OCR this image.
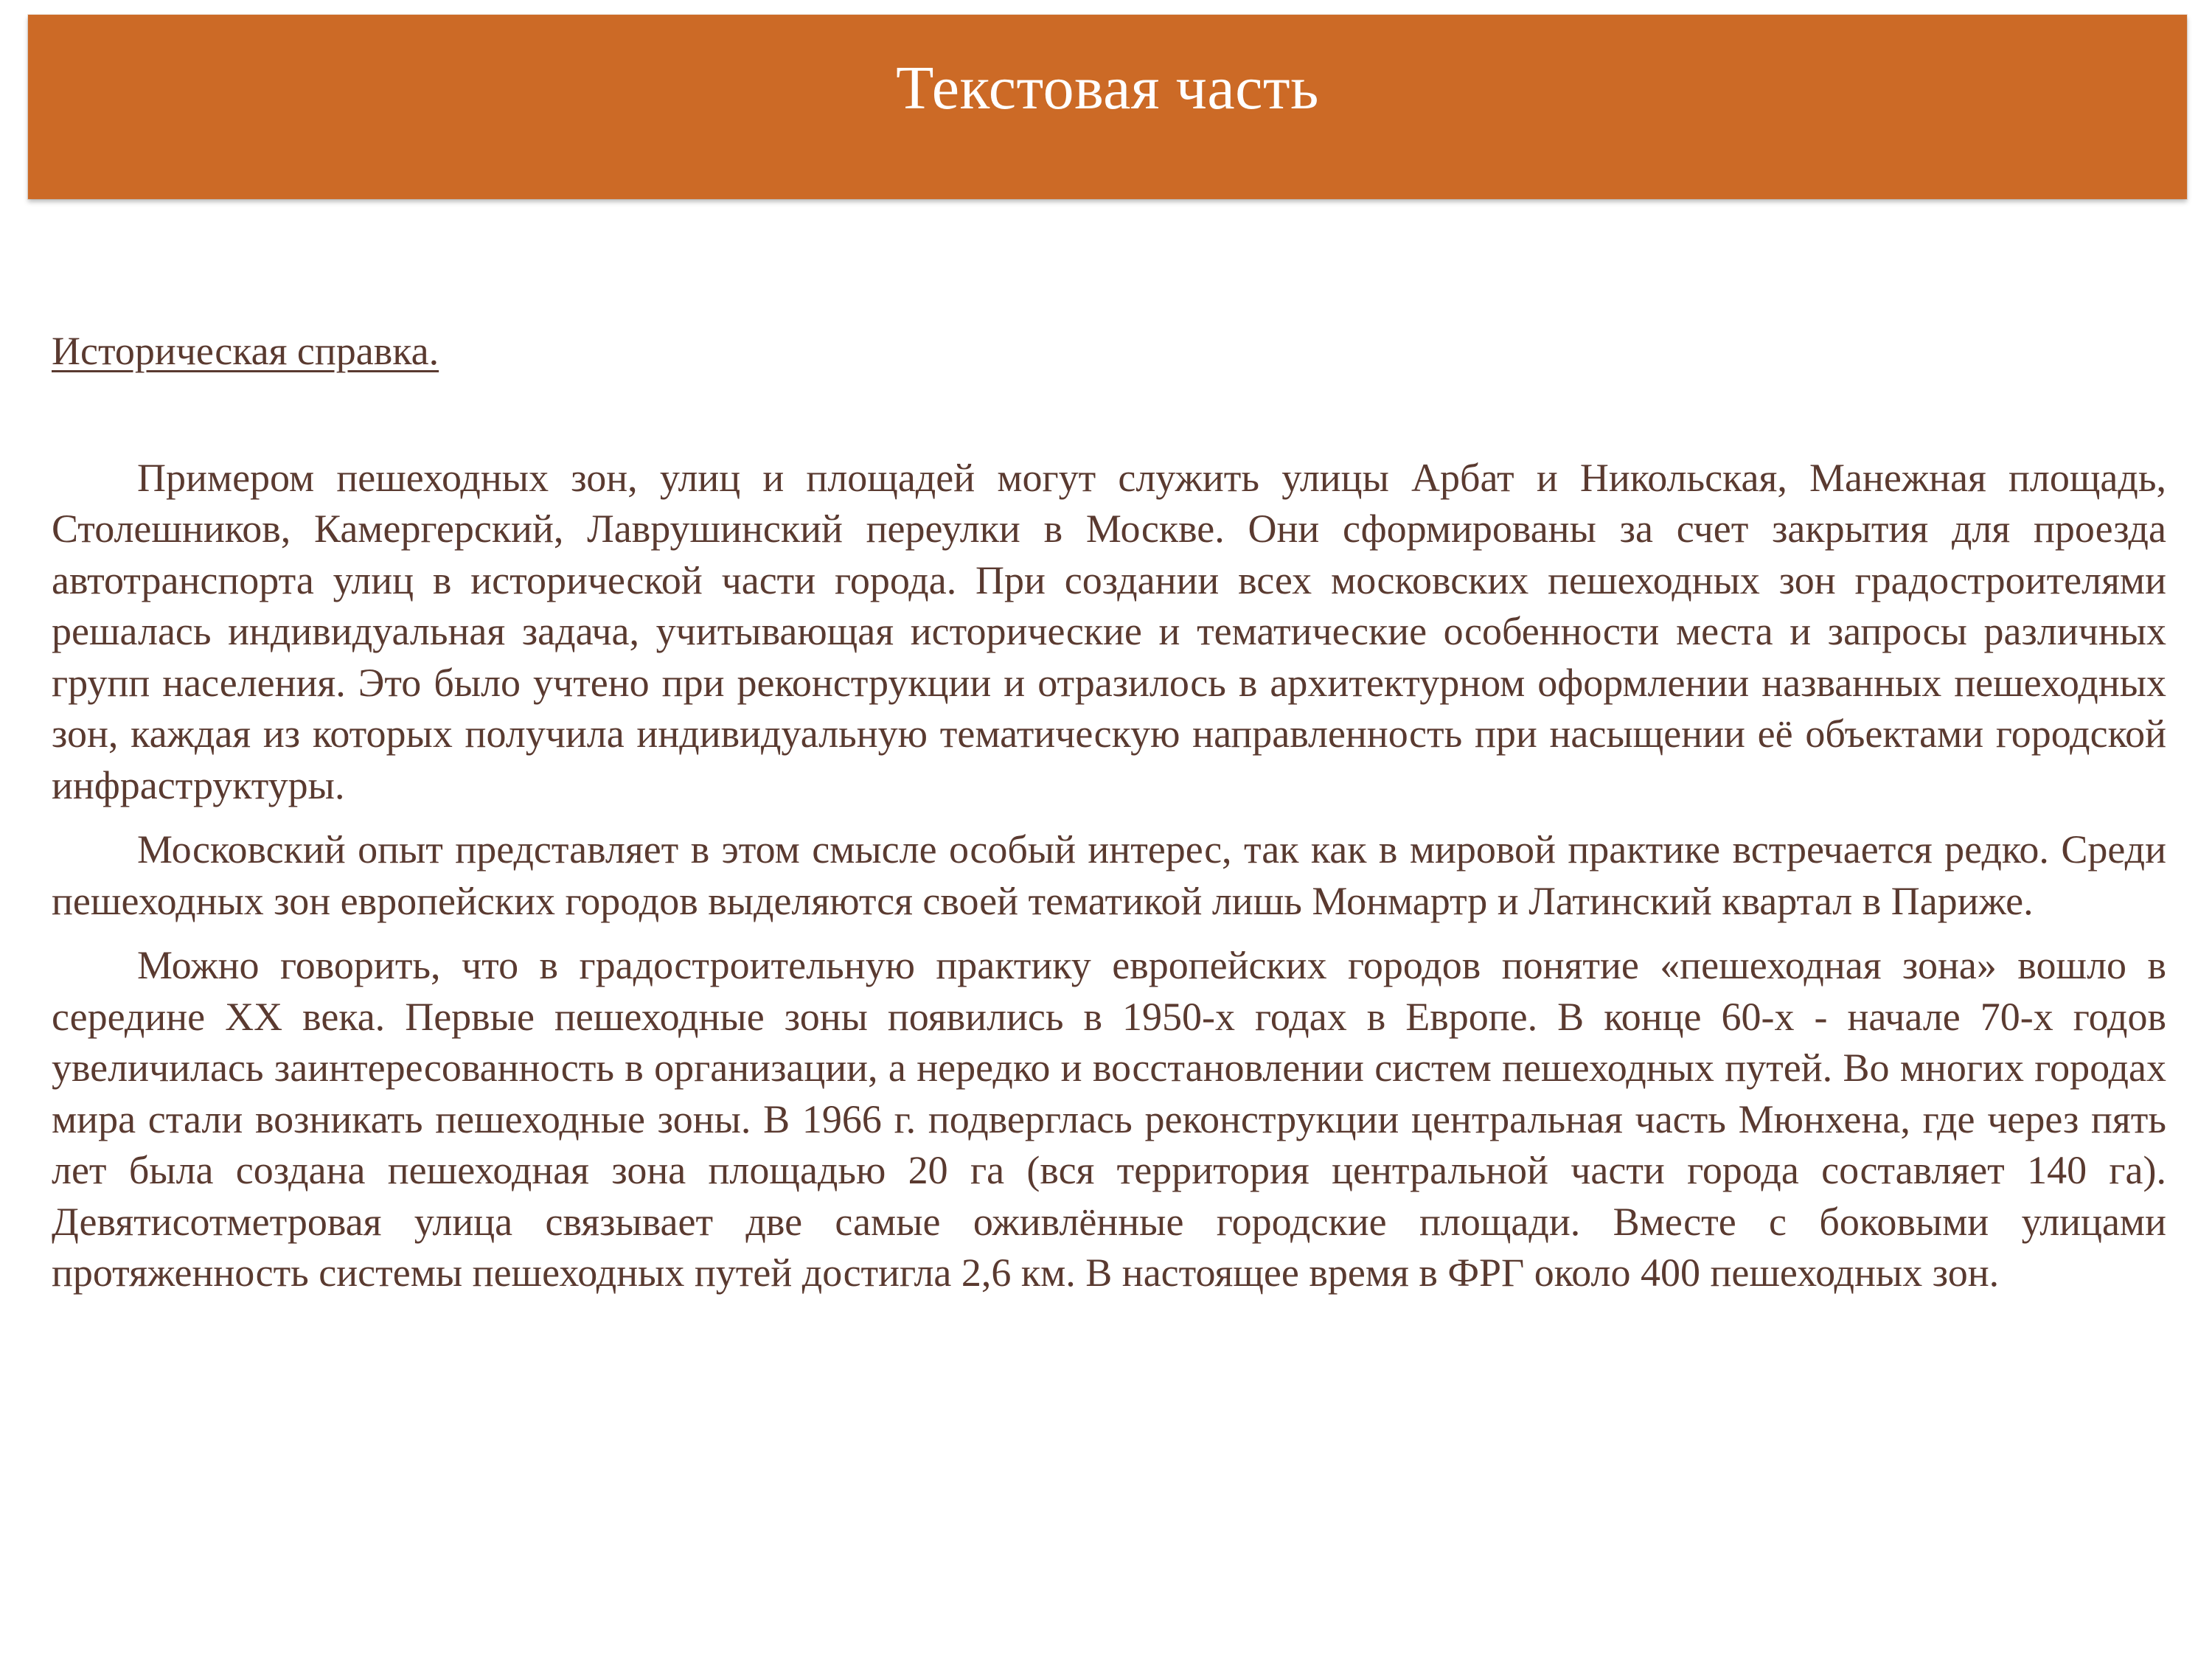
Текстовая часть

Историческая справка.

Примером пешеходных зон, улиц и площадей могут служить улицы Арбат и Никольская, Манежная площадь, Столешников, Камергерский, Лаврушинский переулки в Москве. Они сформированы за счет закрытия для проезда автотранспорта улиц в исторической части города. При создании всех московских пешеходных зон градостроителями решалась индивидуальная задача, учитывающая исторические и тематические особенности места и запросы различных групп населения. Это было учтено при реконструкции и отразилось в архитектурном оформлении названных пешеходных зон, каждая из которых получила индивидуальную тематическую направленность при насыщении её объектами городской инфраструктуры.

Московский опыт представляет в этом смысле особый интерес, так как в мировой практике встречается редко. Среди пешеходных зон европейских городов выделяются своей тематикой лишь Монмартр и Латинский квартал в Париже.

Можно говорить, что в градостроительную практику европейских городов понятие «пешеходная зона» вошло в середине XX века. Первые пешеходные зоны появились в 1950-х годах в Европе. В конце 60-х - начале 70-х годов увеличилась заинтересованность в организации, а нередко и восстановлении систем пешеходных путей. Во многих городах мира стали возникать пешеходные зоны. В 1966 г. подверглась реконструкции центральная часть Мюнхена, где через пять лет была создана пешеходная зона площадью 20 га (вся территория центральной части города составляет 140 га). Девятисотметровая улица связывает две самые оживлённые городские площади. Вместе с боковыми улицами протяженность системы пешеходных путей достигла 2,6 км. В настоящее время в ФРГ около 400 пешеходных зон.
